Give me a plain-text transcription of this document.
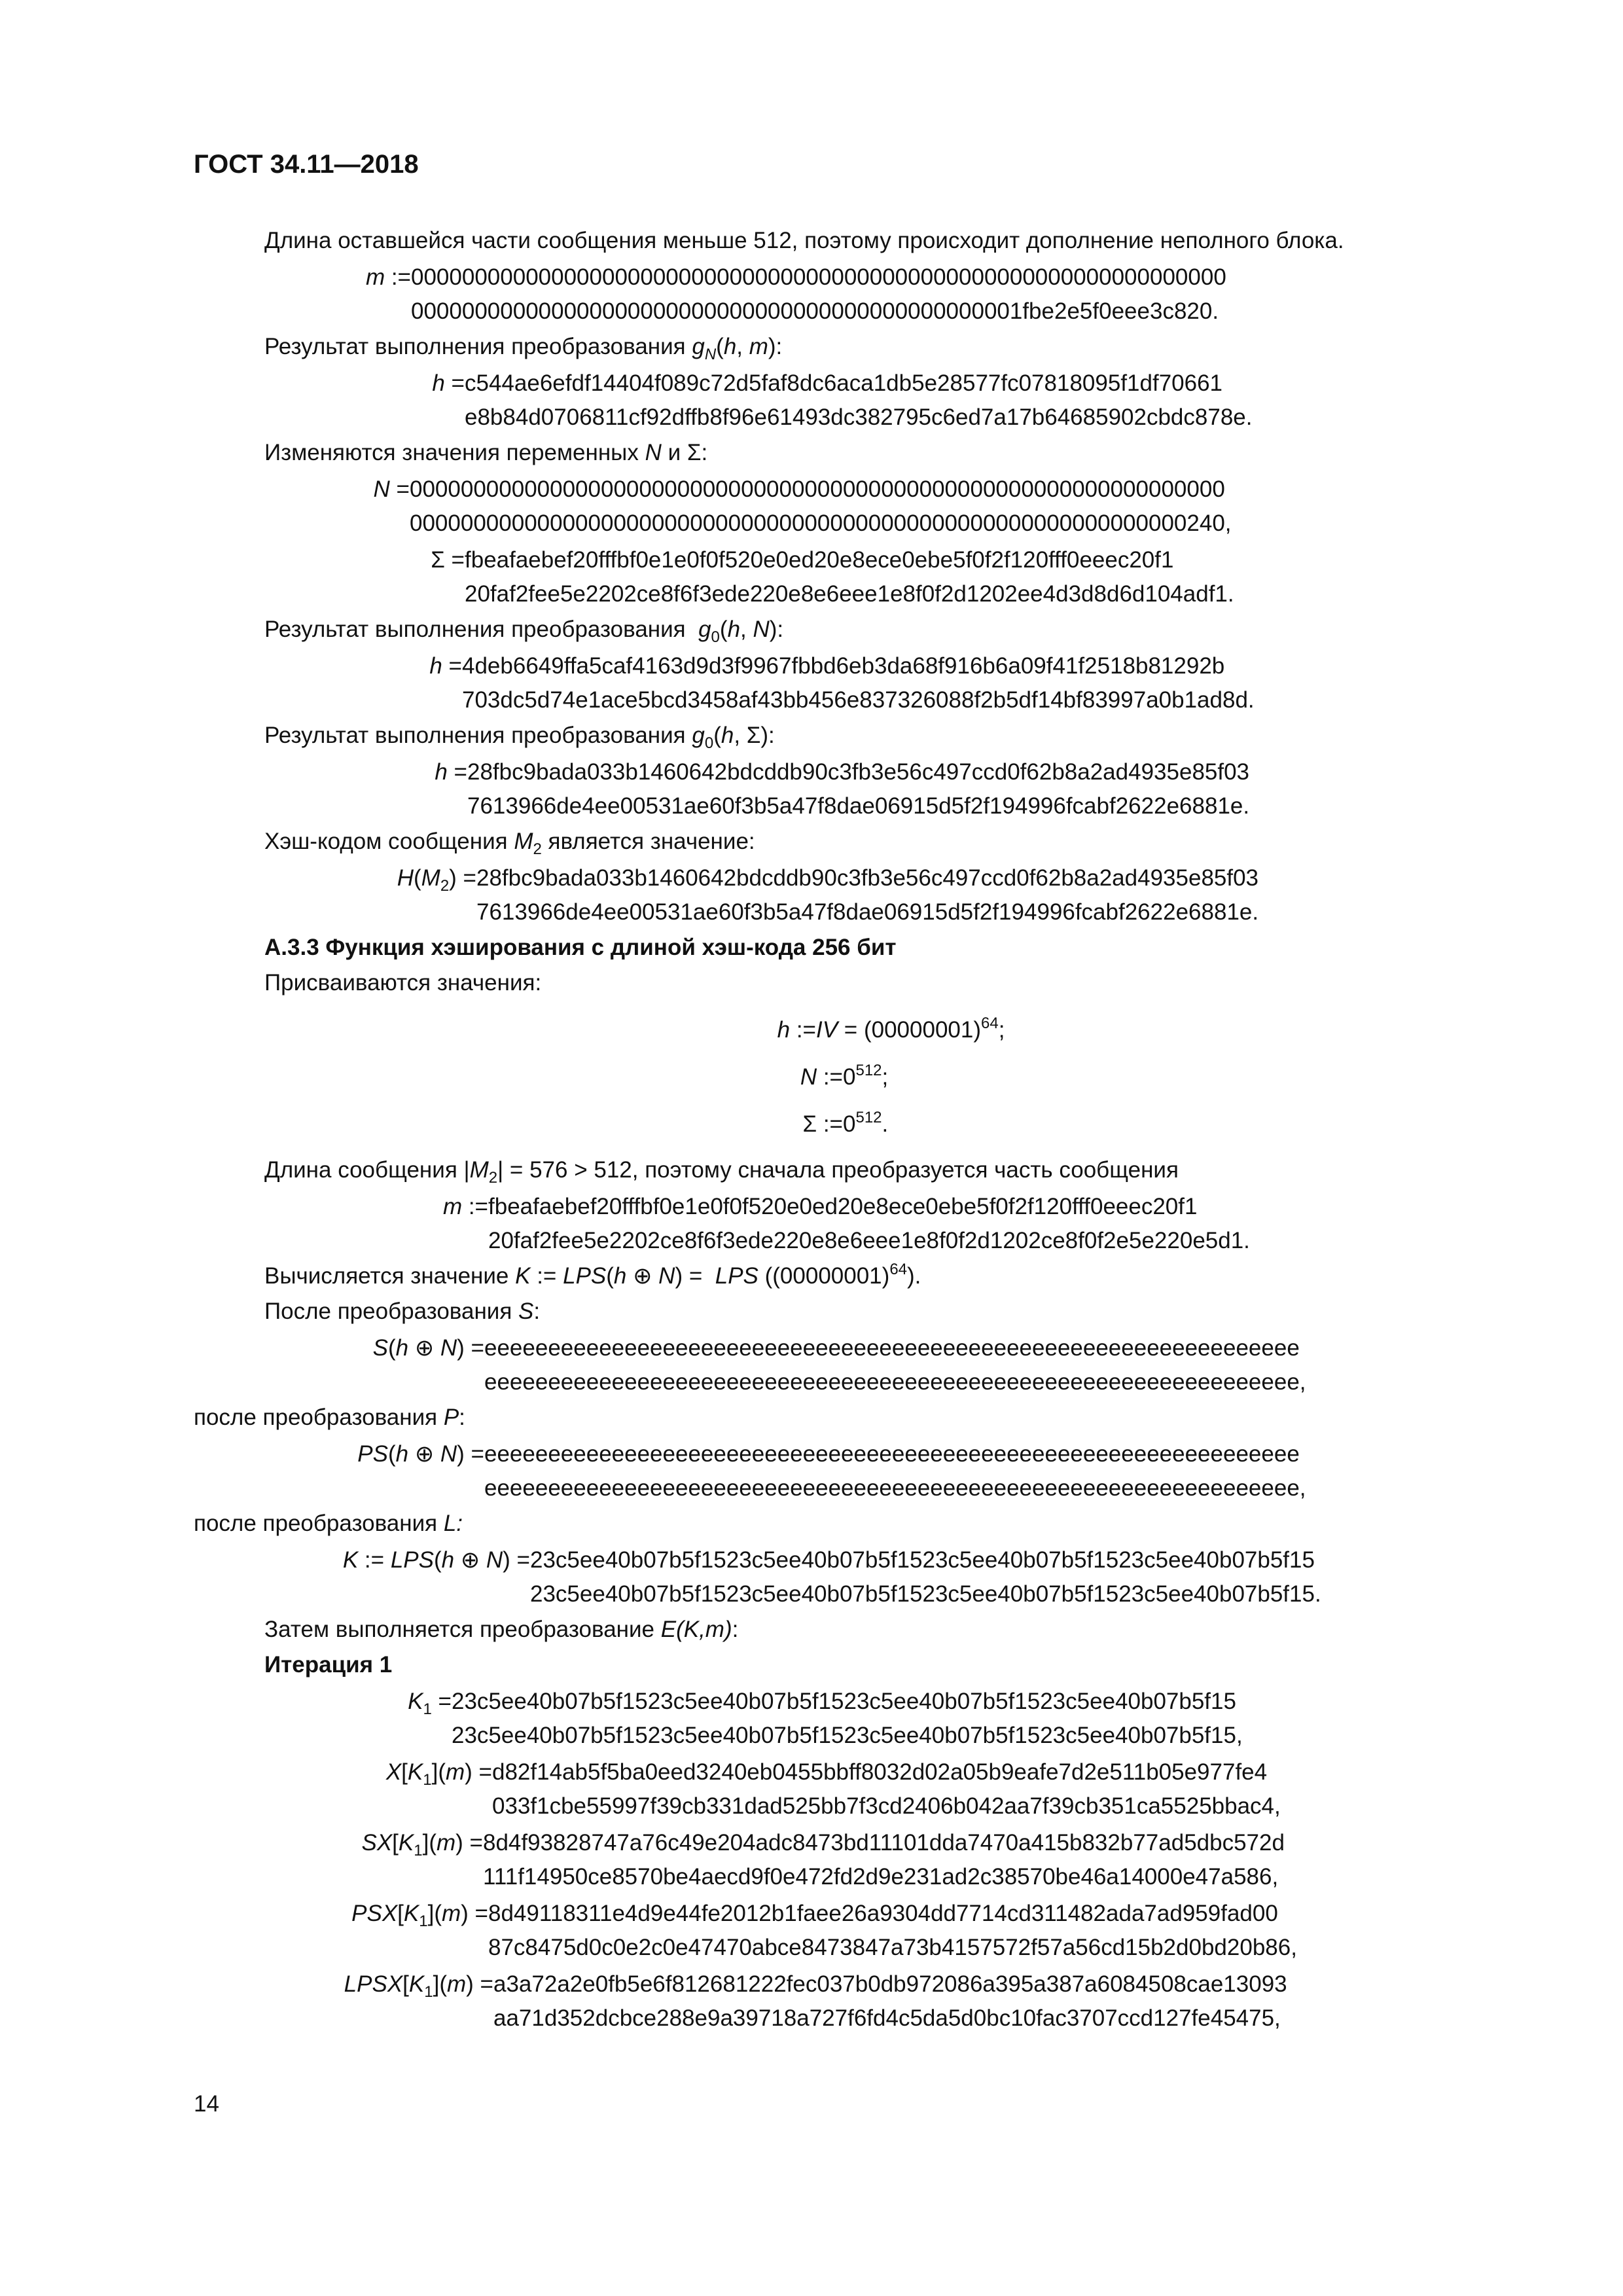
ГОСТ 34.11—2018
Длина оставшейся части сообщения меньше 512, поэтому происходит дополнение неполного блока.
m := 0000000000000000000000000000000000000000000000000000000000000000
000000000000000000000000000000000000000000000001fbe2e5f0eee3c820.
Результат выполнения преобразования $g_N(h$, m):
h = c544ae6efdf14404f089c72d5faf8dc6aca1db5e28577fc07818095f1df70661
e8b84d0706811cf92dffb8f96e61493dc382795c6ed7a17b64685902cbdc878e.
Изменяются значения переменных N и Σ:
N = 0000000000000000000000000000000000000000000000000000000000000000
0000000000000000000000000000000000000000000000000000000000000240,
Σ = fbeafaebef20fffbf0e1e0f0f520e0ed20e8ece0ebe5f0f2f120fff0eeec20f1
20faf2fee5e2202ce8f6f3ede220e8e6eee1e8f0f2d1202ee4d3d8d6d104adf1.
Результат выполнения преобразования  $g_0(h$, N):
h = 4deb6649ffa5caf4163d9d3f9967fbbd6eb3da68f916b6a09f41f2518b81292b
703dc5d74e1ace5bcd3458af43bb456e837326088f2b5df14bf83997a0b1ad8d.
Результат выполнения преобразования $g_0(h$, Σ):
h = 28fbc9bada033b1460642bdcddb90c3fb3e56c497ccd0f62b8a2ad4935e85f03
7613966de4ee00531ae60f3b5a47f8dae06915d5f2f194996fcabf2622e6881e.
Хэш-кодом сообщения $M_2$ является значение:
$H(M_2)$ = 28fbc9bada033b1460642bdcddb90c3fb3e56c497ccd0f62b8a2ad4935e85f03
7613966de4ee00531ae60f3b5a47f8dae06915d5f2f194996fcabf2622e6881e.
А.3.3 Функция хэширования с длиной хэш-кода 256 бит
Присваиваются значения:
h := IV = $(00000001)^{64}$;
N := $0^{512}$;
Σ := $0^{512}$.
Длина сообщения $|M_2| = 576 > 512$, поэтому сначала преобразуется часть сообщения
m := fbeafaebef20fffbf0e1e0f0f520e0ed20e8ece0ebe5f0f2f120fff0eeec20f1
20faf2fee5e2202ce8f6f3ede220e8e6eee1e8f0f2d1202ce8f0f2e5e220e5d1.
Вычисляется значение K := LPS(h ⊕ N) =  LPS $((00000001)^{64})$.
После преобразования S:
S(h ⊕ N) = eeeeeeeeeeeeeeeeeeeeeeeeeeeeeeeeeeeeeeeeeeeeeeeeeeeeeeeeeeeeeeee
eeeeeeeeeeeeeeeeeeeeeeeeeeeeeeeeeeeeeeeeeeeeeeeeeeeeeeeeeeeeeeee,
после преобразования P:
PS(h ⊕ N) = eeeeeeeeeeeeeeeeeeeeeeeeeeeeeeeeeeeeeeeeeeeeeeeeeeeeeeeeeeeeeeee
eeeeeeeeeeeeeeeeeeeeeeeeeeeeeeeeeeeeeeeeeeeeeeeeeeeeeeeeeeeeeeee,
после преобразования L:
K := LPS(h ⊕ N) = 23c5ee40b07b5f1523c5ee40b07b5f1523c5ee40b07b5f1523c5ee40b07b5f15
23c5ee40b07b5f1523c5ee40b07b5f1523c5ee40b07b5f1523c5ee40b07b5f15.
Затем выполняется преобразование E(K,m):
Итерация 1
$K_1 = 23c5ee40b07b5f1523c5ee40b07b5f1523c5ee40b07b5f1523c5ee40b07b5f15$
23c5ee40b07b5f1523c5ee40b07b5f1523c5ee40b07b5f1523c5ee40b07b5f15,
$X[K_1](m)$ = d82f14ab5f5ba0eed3240eb0455bbff8032d02a05b9eafe7d2e511b05e977fe4
033f1cbe55997f39cb331dad525bb7f3cd2406b042aa7f39cb351ca5525bbac4,
$SX[K_1](m) = 8d4f93828747a76c49e204adc8473bd11101dda7470a415b832b77ad5dbc572d$
111f14950ce8570be4aecd9f0e472fd2d9e231ad2c38570be46a14000e47a586,
$PSX[K_1](m)$ = 8d49118311e4d9e44fe2012b1faee26a9304dd7714cd311482ada7ad959fad00
87c8475d0c0e2c0e47470abce8473847a73b4157572f57a56cd15b2d0bd20b86,
$LPSX[K_1](m) = a3a72a2e0fb5e6f812681222fec037b0db972086a395a387a6084508cae13093$
aa71d352dcbce288e9a39718a727f6fd4c5da5d0bc10fac3707ccd127fe45475,
14
